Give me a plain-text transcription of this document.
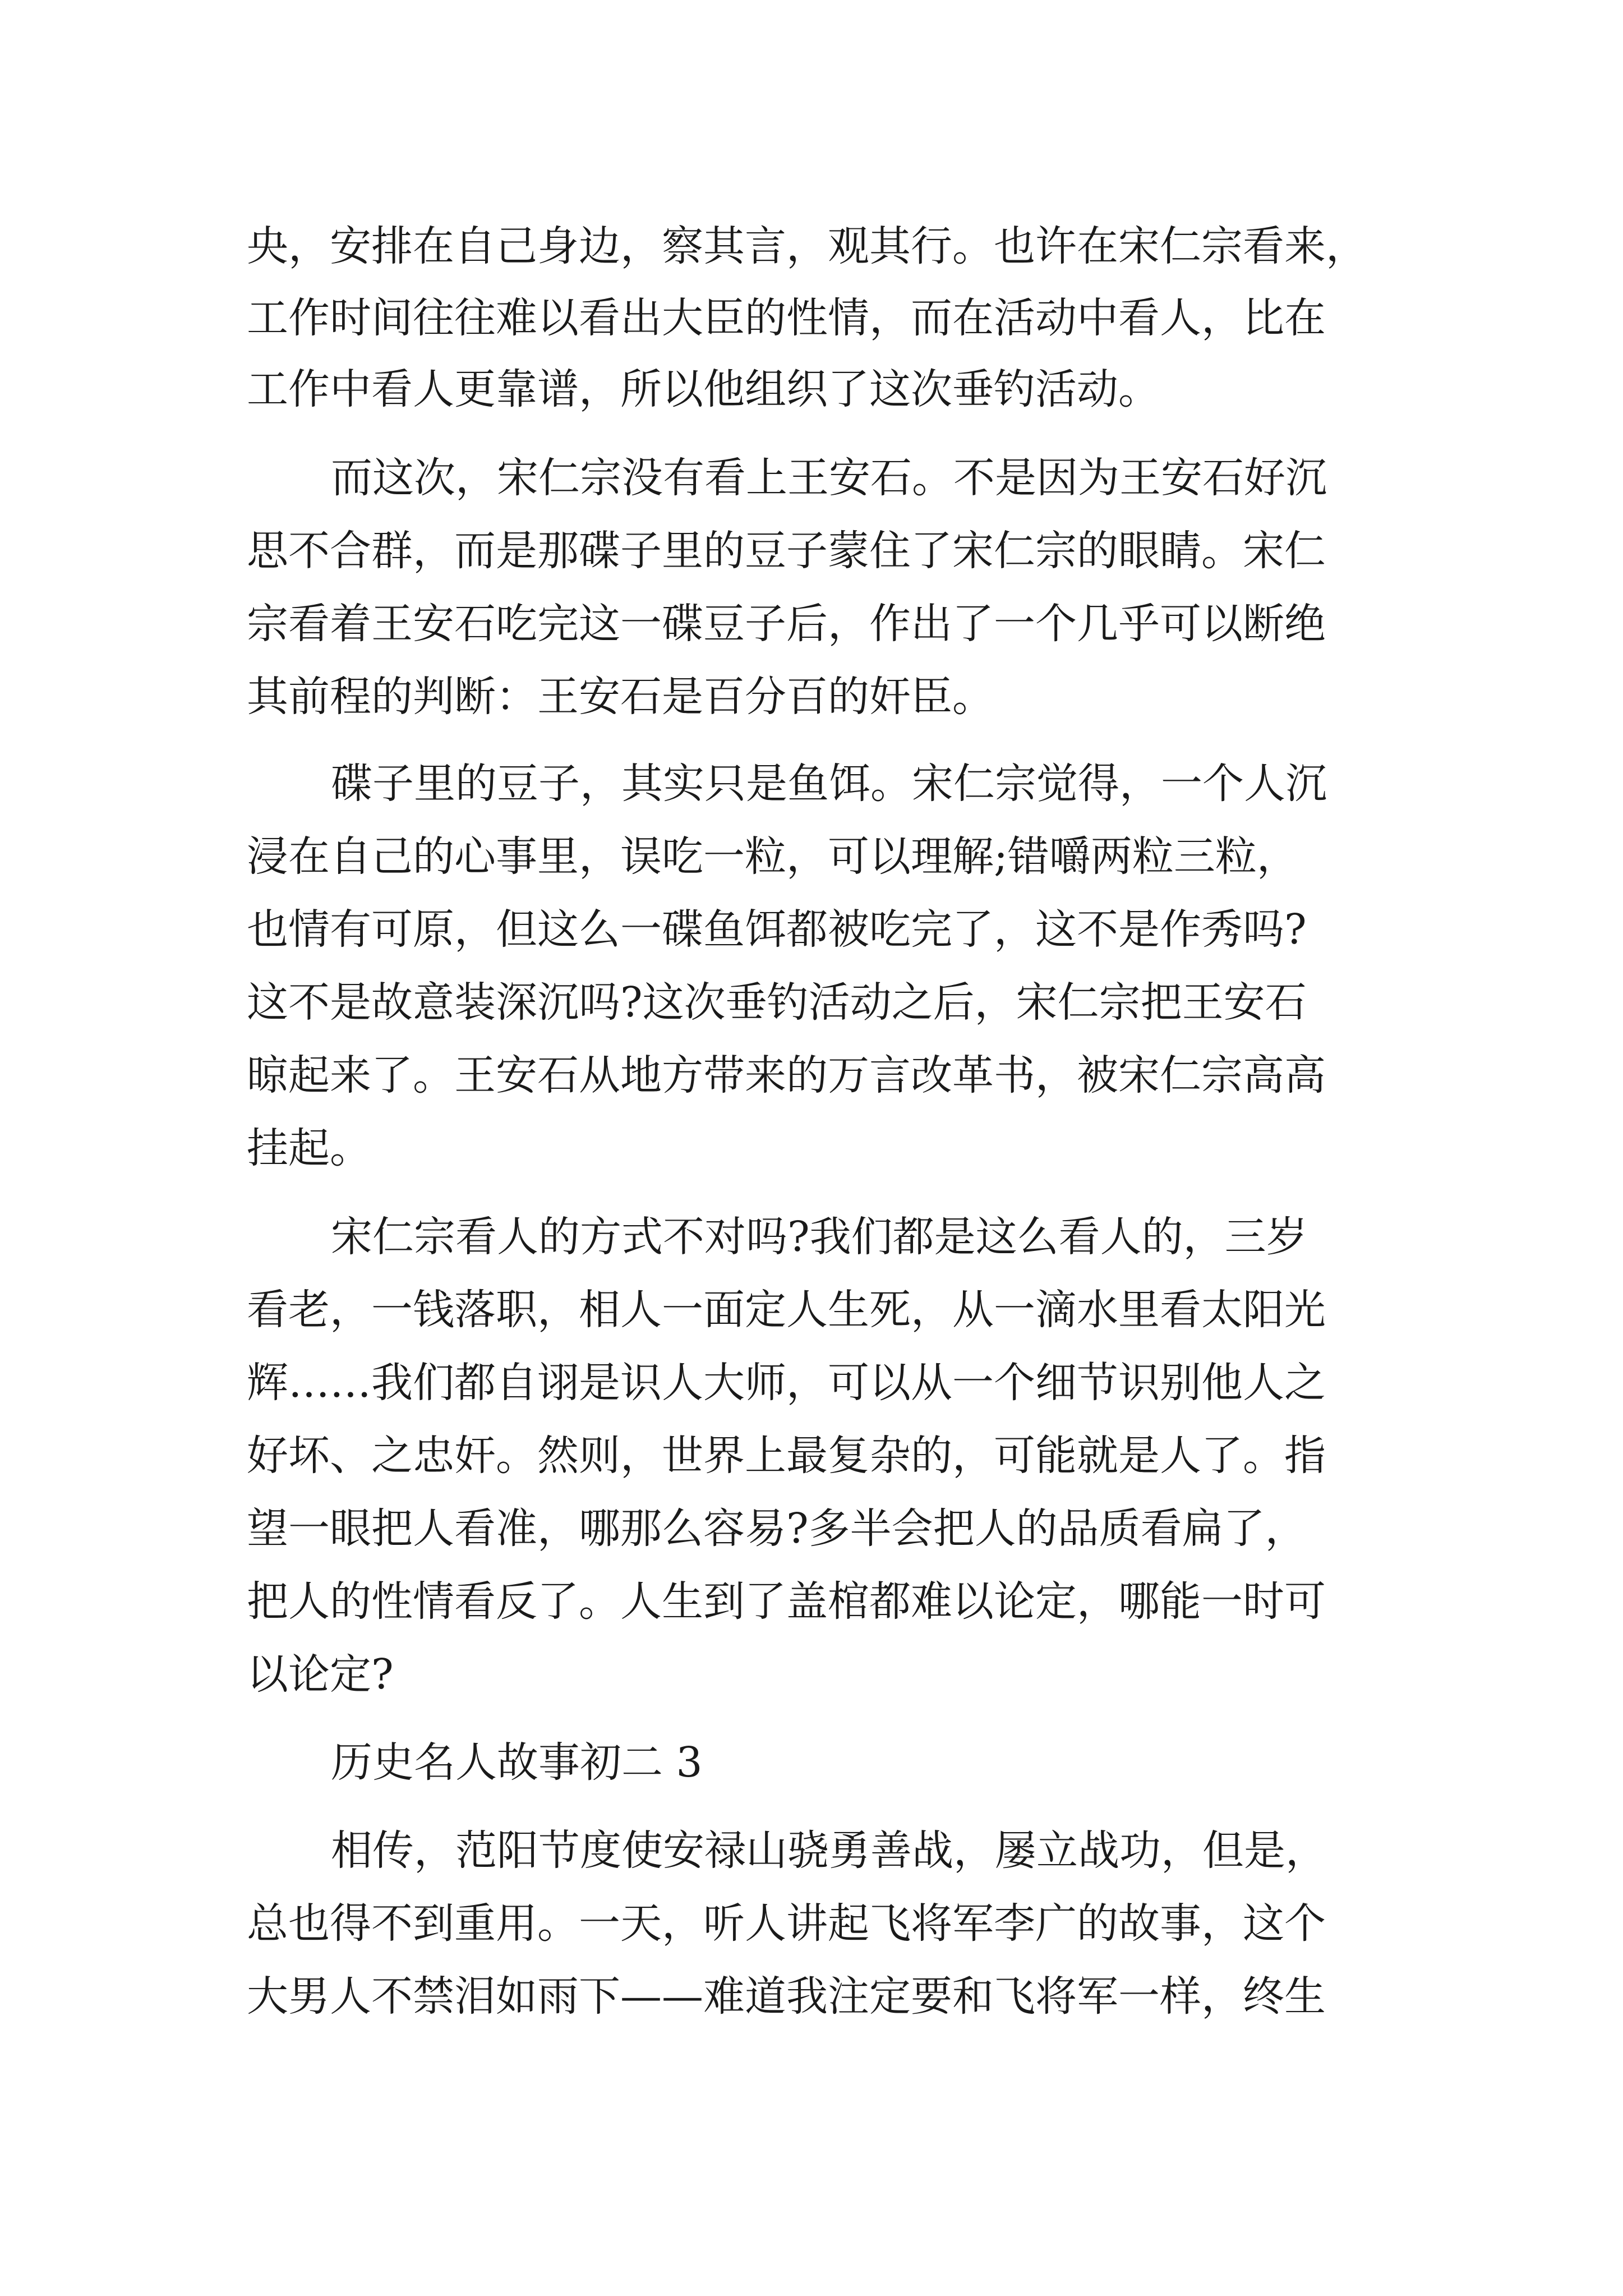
央，安排在自己身边，察其言，观其行。也许在宋仁宗看来，
工作时间往往难以看出大臣的性情，而在活动中看人，比在
工作中看人更靠谱，所以他组织了这次垂钓活动。
而这次，宋仁宗没有看上王安石。不是因为王安石好沉
思不合群，而是那碟子里的豆子蒙住了宋仁宗的眼睛。宋仁
宗看着王安石吃完这一碟豆子后，作出了一个几乎可以断绝
其前程的判断：王安石是百分百的奸臣。
碟子里的豆子，其实只是鱼饵。宋仁宗觉得，一个人沉
浸在自己的心事里，误吃一粒，可以理解;错嚼两粒三粒，
也情有可原，但这么一碟鱼饵都被吃完了，这不是作秀吗?
这不是故意装深沉吗?这次垂钓活动之后，宋仁宗把王安石
晾起来了。王安石从地方带来的万言改革书，被宋仁宗高高
挂起。
宋仁宗看人的方式不对吗?我们都是这么看人的，三岁
看老，一钱落职，相人一面定人生死，从一滴水里看太阳光
辉……我们都自诩是识人大师，可以从一个细节识别他人之
好坏、之忠奸。然则，世界上最复杂的，可能就是人了。指
望一眼把人看准，哪那么容易?多半会把人的品质看扁了，
把人的性情看反了。人生到了盖棺都难以论定，哪能一时可
以论定?
历史名人故事初二 3
相传，范阳节度使安禄山骁勇善战，屡立战功，但是，
总也得不到重用。一天，听人讲起飞将军李广的故事，这个
大男人不禁泪如雨下——难道我注定要和飞将军一样，终生
